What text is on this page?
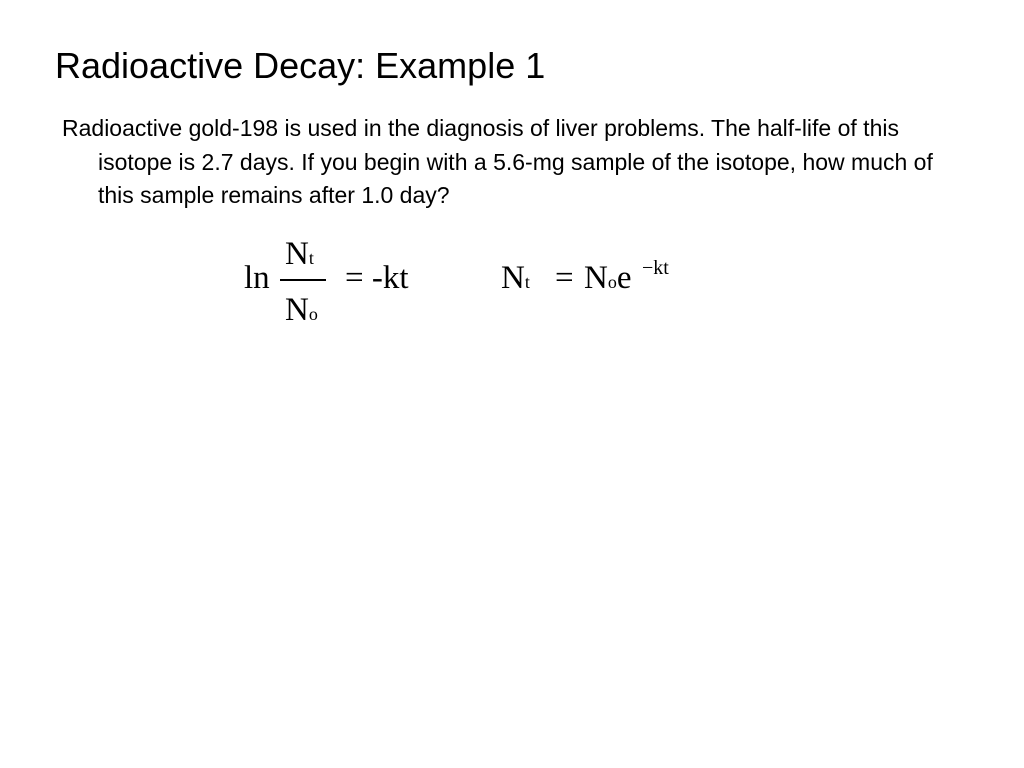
Radioactive Decay: Example 1

Radioactive gold-198 is used in the diagnosis of liver problems. The half-life of this isotope is 2.7 days. If you begin with a 5.6-mg sample of the isotope, how much of this sample remains after 1.0 day?

ln
Nt
No
= -kt	Nt = Noe −kt
